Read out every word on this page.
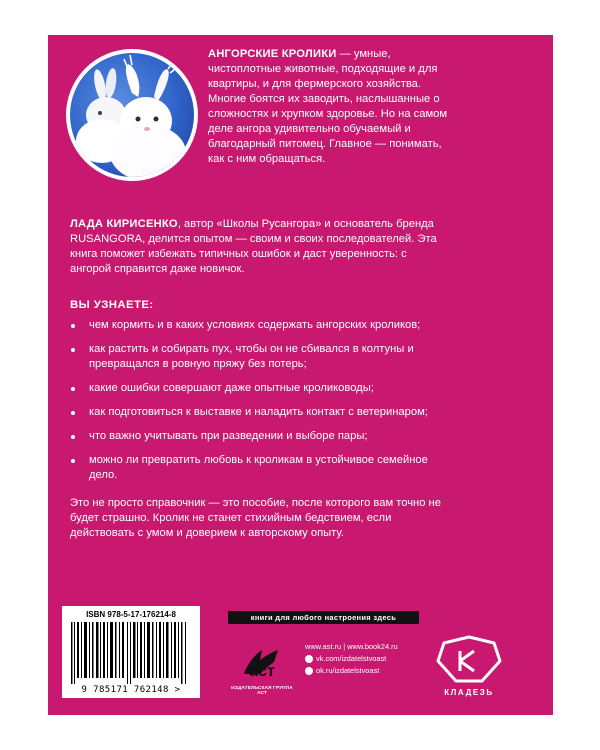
АНГОРСКИЕ КРОЛИКИ — умные, чистоплотные животные, подходящие и для квартиры, и для фермерского хозяйства. Многие боятся их заводить, наслышанные о сложностях и хрупком здоровье. Но на самом деле ангора удивительно обучаемый и благодарный питомец. Главное — понимать, как с ним обращаться.
ЛАДА КИРИСЕНКО, автор «Школы Русангора» и основатель бренда RUSANGORA, делится опытом — своим и своих последователей. Эта книга поможет избежать типичных ошибок и даст уверенность: с ангорой справится даже новичок.
ВЫ УЗНАЕТЕ:
чем кормить и в каких условиях содержать ангорских кроликов;
как растить и собирать пух, чтобы он не сбивался в колтуны и превращался в ровную пряжу без потерь;
какие ошибки совершают даже опытные кролиководы;
как подготовиться к выставке и наладить контакт с ветеринаром;
что важно учитывать при разведении и выборе пары;
можно ли превратить любовь к кроликам в устойчивое семейное дело.
Это не просто справочник — это пособие, после которого вам точно не будет страшно. Кролик не станет стихийным бедствием, если действовать с умом и доверием к авторскому опыту.
ISBN 978-5-17-176214-8
9 785171 762148 >
книги для любого настроения здесь
аст
ИЗДАТЕЛЬСКАЯ ГРУППА АСТ
www.ast.ru | www.book24.ru
vk.com/izdatelstvoast
ok.ru/izdatelstvoast
КЛАДЕЗЬ
